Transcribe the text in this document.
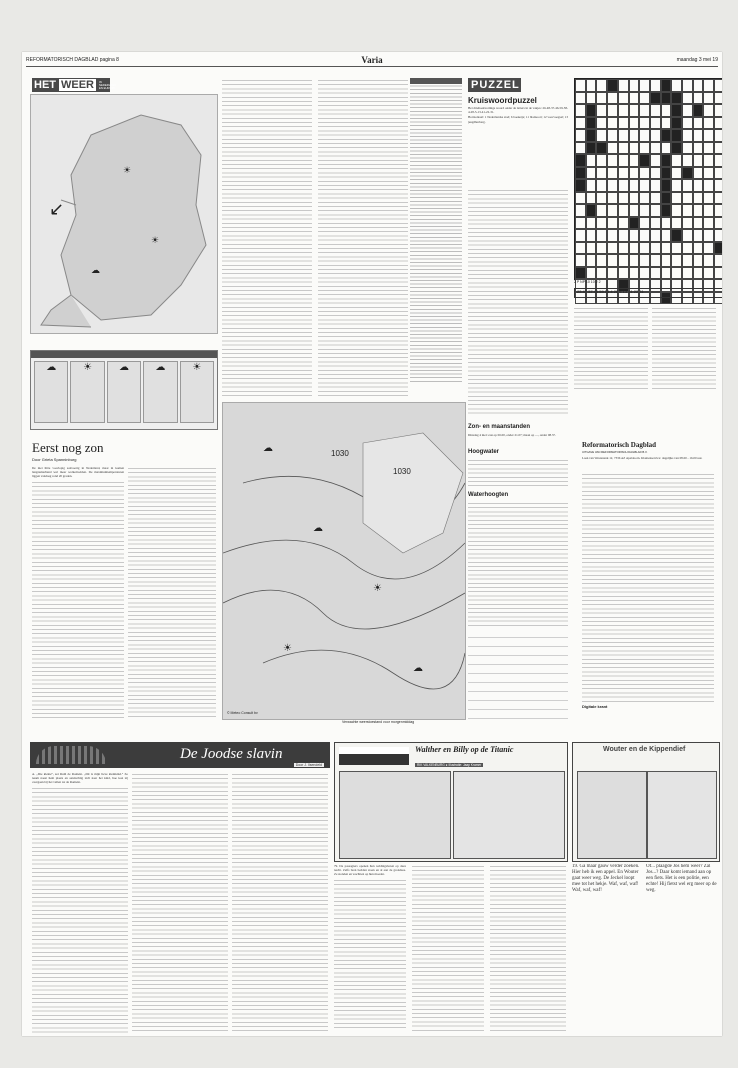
REFORMATORISCH DAGBLAD pagina 8	Varia	maandag 3 mei 19
HET WEER	IN NEDERLAND EN EUROPA
↙
☀
☀
☁
☁	☀	☁	☁	☀
Eerst nog zon
Door Grieta Spanninburg

De met hitte voorlopig aanvoerig in Nederland, maar in komen langzamerhand wel meer wolkenvelden. De maximumtemperaturen liggen vandaag rond 20 graden.

1030
1030
☁
☁
☀
☀
☁
© Meteo Consult bv
Verwachte weerstoestand voor morgenmiddag
PUZZEL
Kruiswoordpuzzel

Het driehoekvormige woord onder de letters in de vakjes: 26-48-37-46-59-58-4-28-5-13-41-22-31.

Horizontaal: 1 Nederlandse stad; 6 boeketje; 11 bladsoort; 12 voorvoegsel; 13 jeugdherberg.

2 P NP 10 10 2 2
23 49 37 46 59 58 4 28 5 13 41 22 31
Zon- en maanstanden

Dinsdag 4 mei: zon op 06.00, onder 21.07; maan op —, onder 08.37.

Hoogwater
Waterhoogten
Reformatorisch Dagblad
UITGAVE VAN REFORMATORISCH DAGBLAD B.V.

Laan van Westenenk 12, 7336 AZ Apeldoorn. Klantenservice: dagelijks van 08.00 - 16.00 uur.

Digitale krant
De Joodse slavin
Door J. Ilsendeld

A. „Die kleine”, zei Ruth de Romein. „Dit is mijn lieve kleinkind.” Zo naam naast hem plaats en aandachtig zich naar het kind, hoe kon zij overgaan bij het vallen tot de Romein.

Walther en Billy op de Titanic
RIK VALKENBURG ● Illustratie: Jaap Kramer

79. De passagiers openen hun reddingsboten op deze nacht. Zelfs bren bedden staan en al aan de grondzee. Ze stonden en wachtten op hun moeder.

Wouter en de Kippendief

19. Ga maar gauw verder zoeken. Hier heb ik een appel. En Wouter gaat weer weg. De Jeckel loopt mee tot het hekje. Waf, waf, waf! Waf, waf, waf!

Of... plaagde Jos hem weer? Zal Jos...? Daar komt iemand aan op een fiets. Het is een politie, een echte! Hij fietst wel erg meer op de weg.
